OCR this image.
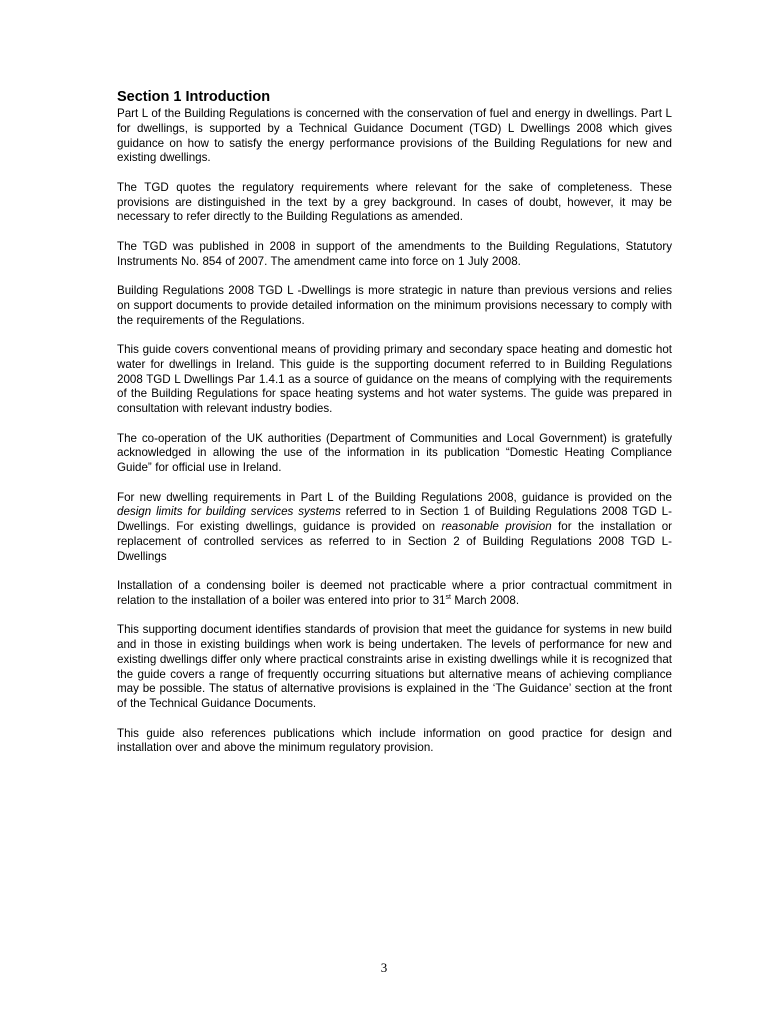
Section 1 Introduction

Part L of the Building Regulations is concerned with the conservation of fuel and energy in dwellings. Part L for dwellings, is supported by a Technical Guidance Document (TGD) L Dwellings 2008 which gives guidance on how to satisfy the energy performance provisions of the Building Regulations for new and existing dwellings.

The TGD quotes the regulatory requirements where relevant for the sake of completeness. These provisions are distinguished in the text by a grey background. In cases of doubt, however, it may be necessary to refer directly to the Building Regulations as amended.

The TGD was published in 2008 in support of the amendments to the Building Regulations, Statutory Instruments No. 854 of 2007. The amendment came into force on 1 July 2008.

Building Regulations 2008 TGD L -Dwellings is more strategic in nature than previous versions and relies on support documents to provide detailed information on the minimum provisions necessary to comply with the requirements of the Regulations.

This guide covers conventional means of providing primary and secondary space heating and domestic hot water for dwellings in Ireland. This guide is the supporting document referred to in Building Regulations 2008 TGD L Dwellings Par 1.4.1 as a source of guidance on the means of complying with the requirements of the Building Regulations for space heating systems and hot water systems. The guide was prepared in consultation with relevant industry bodies.

The co-operation of the UK authorities (Department of Communities and Local Government) is gratefully acknowledged in allowing the use of the information in its publication “Domestic Heating Compliance Guide” for official use in Ireland.

For new dwelling requirements in Part L of the Building Regulations 2008, guidance is provided on the design limits for building services systems referred to in Section 1 of Building Regulations 2008 TGD L- Dwellings. For existing dwellings, guidance is provided on reasonable provision for the installation or replacement of controlled services as referred to in Section 2 of Building Regulations 2008 TGD L-Dwellings

Installation of a condensing boiler is deemed not practicable where a prior contractual commitment in relation to the installation of a boiler was entered into prior to 31st March 2008.

This supporting document identifies standards of provision that meet the guidance for systems in new build and in those in existing buildings when work is being undertaken. The levels of performance for new and existing dwellings differ only where practical constraints arise in existing dwellings while it is recognized that the guide covers a range of frequently occurring situations but alternative means of achieving compliance may be possible. The status of alternative provisions is explained in the ‘The Guidance’ section at the front of the Technical Guidance Documents.

This guide also references publications which include information on good practice for design and installation over and above the minimum regulatory provision.

3
